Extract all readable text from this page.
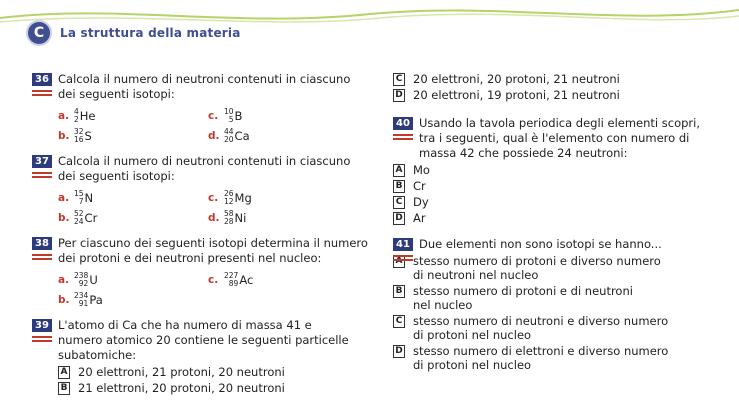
C	La struttura della materia
36 Calcola il numero di neutroni contenuti in ciascuno
dei seguenti isotopi:
a. 4
2 He	c. 10
5 B
b. 32
16 S	d. 44
20 Ca
37 Calcola il numero di neutroni contenuti in ciascuno
dei seguenti isotopi:
a. 15
7 N	c. 26
12 Mg
b. 52
24 Cr	d. 58
28 Ni
38 Per ciascuno dei seguenti isotopi determina il numero
dei protoni e dei neutroni presenti nel nucleo:
a. 238
92 U	c. 227
89 Ac
b. 234
91 Pa
39 L'atomo di Ca che ha numero di massa 41 e
numero atomico 20 contiene le seguenti particelle
subatomiche:
A 20 elettroni, 21 protoni, 20 neutroni
B 21 elettroni, 20 protoni, 20 neutroni
C 20 elettroni, 20 protoni, 21 neutroni
D 20 elettroni, 19 protoni, 21 neutroni
40 Usando la tavola periodica degli elementi scopri,
tra i seguenti, qual è l'elemento con numero di
massa 42 che possiede 24 neutroni:
A Mo
B Cr
C Dy
D Ar
41 Due elementi non sono isotopi se hanno...
A stesso numero di protoni e diverso numero
di neutroni nel nucleo
B stesso numero di protoni e di neutroni
nel nucleo
C stesso numero di neutroni e diverso numero
di protoni nel nucleo
D stesso numero di elettroni e diverso numero
di protoni nel nucleo
